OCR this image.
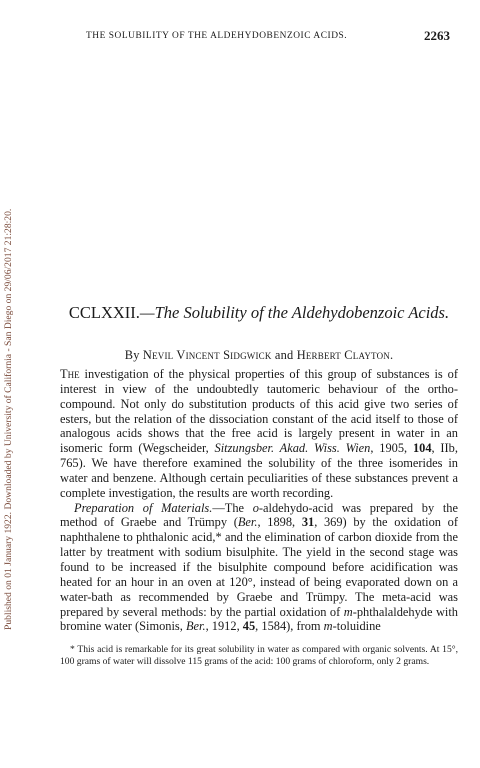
Published on 01 January 1922. Downloaded by University of California - San Diego on 29/06/2017 21:28:20.
THE SOLUBILITY OF THE ALDEHYDOBENZOIC ACIDS.	2263
CCLXXII.—The Solubility of the Aldehydobenzoic Acids.
By Nevil Vincent Sidgwick and Herbert Clayton.

The investigation of the physical properties of this group of substances is of interest in view of the undoubtedly tautomeric behaviour of the ortho-compound. Not only do substitution products of this acid give two series of esters, but the relation of the dissociation constant of the acid itself to those of analogous acids shows that the free acid is largely present in water in an isomeric form (Wegscheider, Sitzungsber. Akad. Wiss. Wien, 1905, 104, IIb, 765). We have therefore examined the solubility of the three isomerides in water and benzene. Although certain peculiarities of these substances prevent a complete investigation, the results are worth recording.

Preparation of Materials.—The o-aldehydo-acid was prepared by the method of Graebe and Trümpy (Ber., 1898, 31, 369) by the oxidation of naphthalene to phthalonic acid,* and the elimination of carbon dioxide from the latter by treatment with sodium bisulphite. The yield in the second stage was found to be increased if the bisulphite compound before acidification was heated for an hour in an oven at 120°, instead of being evaporated down on a water-bath as recommended by Graebe and Trümpy. The meta-acid was prepared by several methods: by the partial oxidation of m-phthalaldehyde with bromine water (Simonis, Ber., 1912, 45, 1584), from m-toluidine

* This acid is remarkable for its great solubility in water as compared with organic solvents. At 15°, 100 grams of water will dissolve 115 grams of the acid: 100 grams of chloroform, only 2 grams.
